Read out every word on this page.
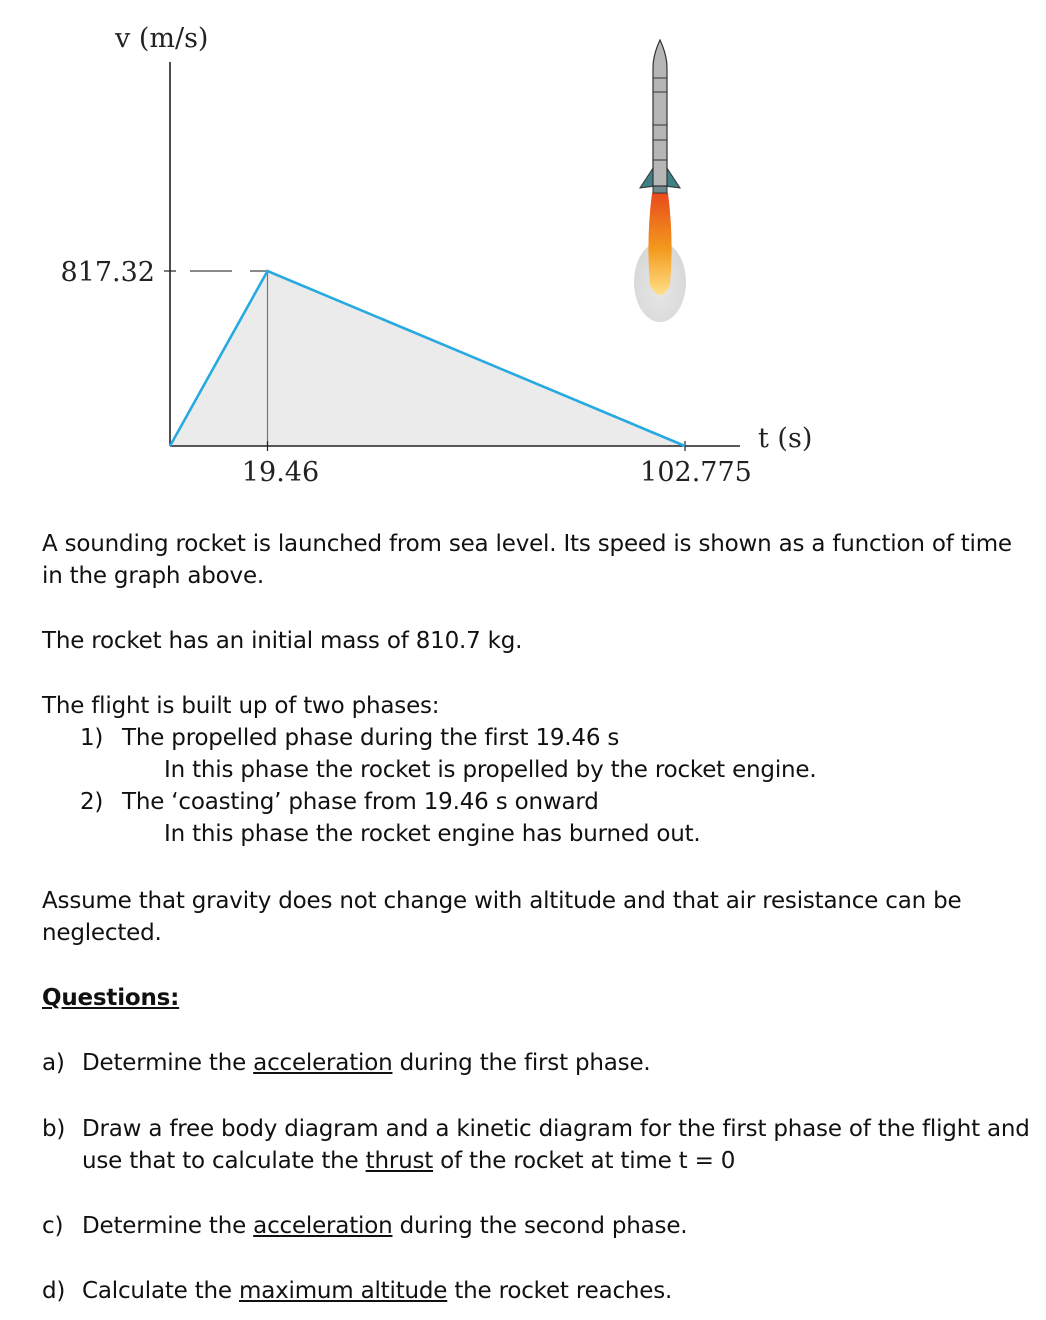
v (m/s)
t (s)
817.32
19.46	102.775

A sounding rocket is launched from sea level. Its speed is shown as a function of time in the graph above.

The rocket has an initial mass of 810.7 kg.

The flight is built up of two phases:

1) The propelled phase during the first 19.46 s
In this phase the rocket is propelled by the rocket engine.
2) The ‘coasting’ phase from 19.46 s onward
In this phase the rocket engine has burned out.

Assume that gravity does not change with altitude and that air resistance can be neglected.

Questions:

a) Determine the acceleration during the first phase.
b) Draw a free body diagram and a kinetic diagram for the first phase of the flight and use that to calculate the thrust of the rocket at time t = 0
c) Determine the acceleration during the second phase.
d) Calculate the maximum altitude the rocket reaches.
